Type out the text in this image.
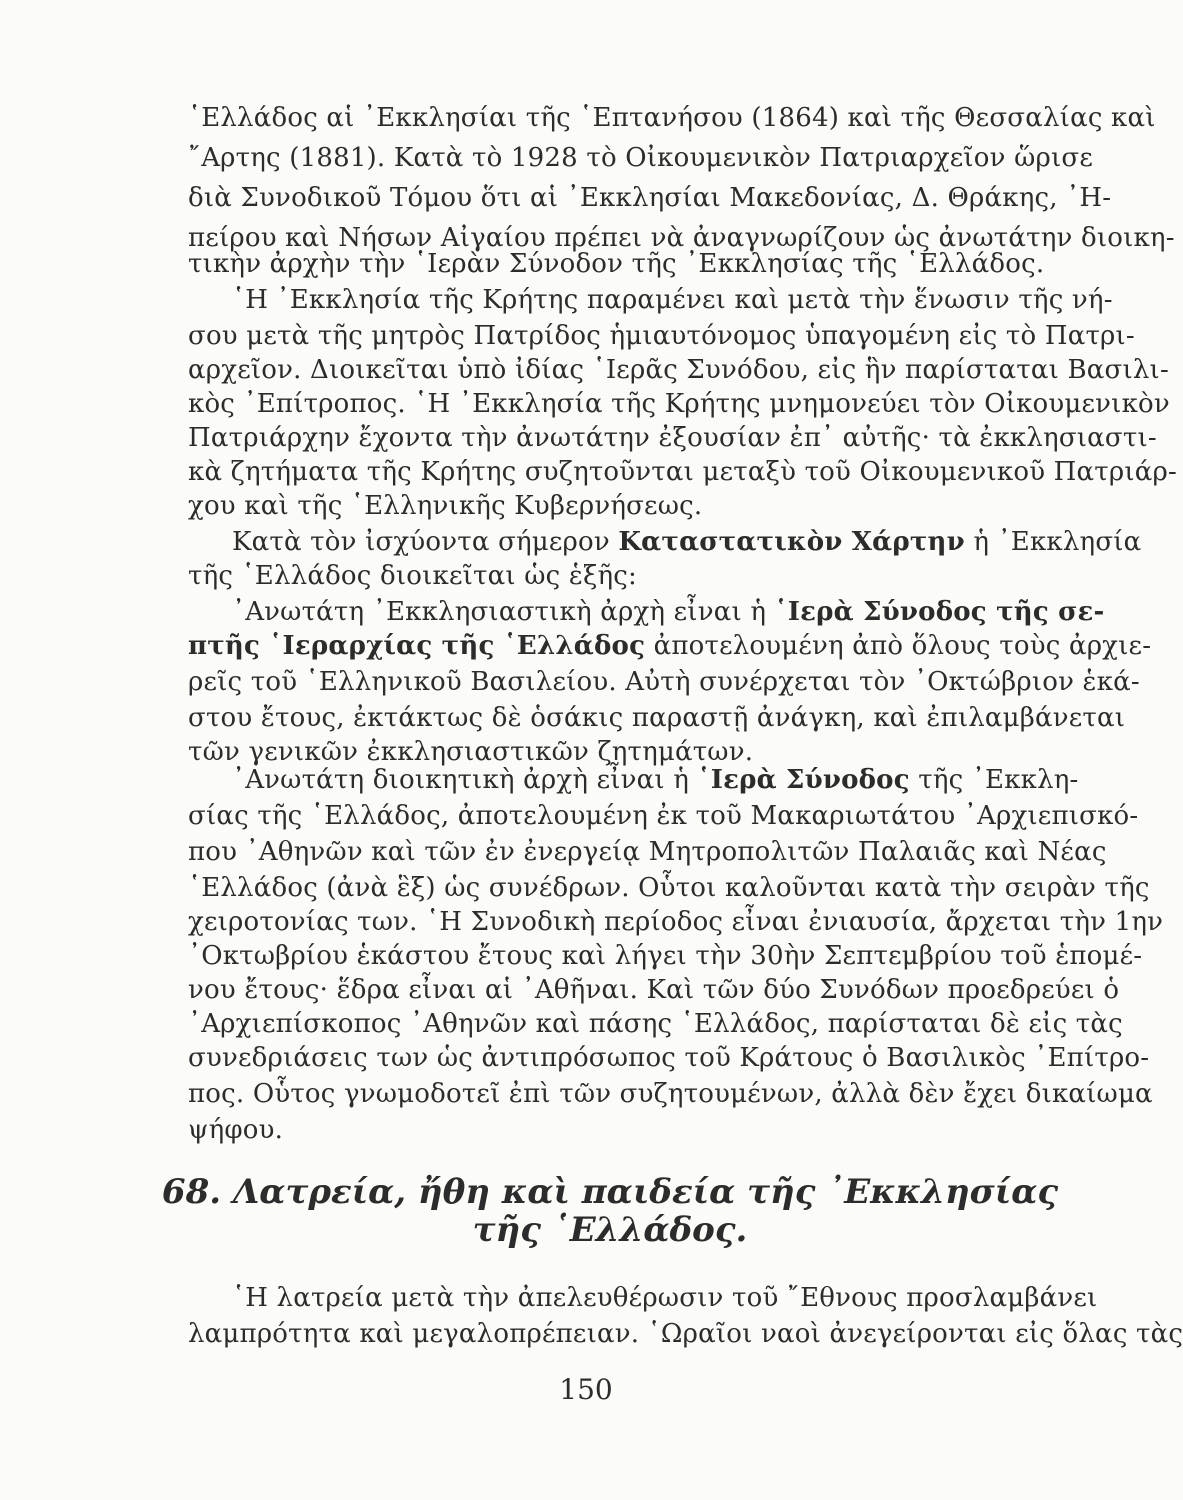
῾Ελλάδος αἱ ᾿Εκκλησίαι τῆς ῾Επτανήσου (1864) καὶ τῆς Θεσσαλίας καὶ

῎Αρτης (1881). Κατὰ τὸ 1928 τὸ Οἰκουμενικὸν Πατριαρχεῖον ὥρισε

διὰ Συνοδικοῦ Τόμου ὅτι αἱ ᾿Εκκλησίαι Μακεδονίας, Δ. Θράκης, ᾿Η-

πείρου καὶ Νήσων Αἰγαίου πρέπει νὰ ἀναγνωρίζουν ὡς ἀνωτάτην διοικη-

τικὴν ἀρχὴν τὴν ῾Ιερὰν Σύνοδον τῆς ᾿Εκκλησίας τῆς ῾Ελλάδος.

῾Η ᾿Εκκλησία τῆς Κρήτης παραμένει καὶ μετὰ τὴν ἕνωσιν τῆς νή-

σου μετὰ τῆς μητρὸς Πατρίδος ἡμιαυτόνομος ὑπαγομένη εἰς τὸ Πατρι-

αρχεῖον. Διοικεῖται ὑπὸ ἰδίας ῾Ιερᾶς Συνόδου, εἰς ἣν παρίσταται Βασιλι-

κὸς ᾿Επίτροπος. ῾Η ᾿Εκκλησία τῆς Κρήτης μνημονεύει τὸν Οἰκουμενικὸν

Πατριάρχην ἔχοντα τὴν ἀνωτάτην ἐξουσίαν ἐπ᾿ αὐτῆς· τὰ ἐκκλησιαστι-

κὰ ζητήματα τῆς Κρήτης συζητοῦνται μεταξὺ τοῦ Οἰκουμενικοῦ Πατριάρ-

χου καὶ τῆς ῾Ελληνικῆς Κυβερνήσεως.

Κατὰ τὸν ἰσχύοντα σήμερον Καταστατικὸν Χάρτην ἡ ᾿Εκκλησία

τῆς ῾Ελλάδος διοικεῖται ὡς ἑξῆς:

᾿Ανωτάτη ᾿Εκκλησιαστικὴ ἀρχὴ εἶναι ἡ ῾Ιερὰ Σύνοδος τῆς σε-

πτῆς ῾Ιεραρχίας τῆς ῾Ελλάδος ἀποτελουμένη ἀπὸ ὅλους τοὺς ἀρχιε-

ρεῖς τοῦ ῾Ελληνικοῦ Βασιλείου. Αὐτὴ συνέρχεται τὸν ᾿Οκτώβριον ἑκά-

στου ἔτους, ἐκτάκτως δὲ ὁσάκις παραστῇ ἀνάγκη, καὶ ἐπιλαμβάνεται

τῶν γενικῶν ἐκκλησιαστικῶν ζητημάτων.

᾿Ανωτάτη διοικητικὴ ἀρχὴ εἶναι ἡ ῾Ιερὰ Σύνοδος τῆς ᾿Εκκλη-

σίας τῆς ῾Ελλάδος, ἀποτελουμένη ἐκ τοῦ Μακαριωτάτου ᾿Αρχιεπισκό-

που ᾿Αθηνῶν καὶ τῶν ἐν ἐνεργείᾳ Μητροπολιτῶν Παλαιᾶς καὶ Νέας

῾Ελλάδος (ἀνὰ ἓξ) ὡς συνέδρων. Οὗτοι καλοῦνται κατὰ τὴν σειρὰν τῆς

χειροτονίας των. ῾Η Συνοδικὴ περίοδος εἶναι ἐνιαυσία, ἄρχεται τὴν 1ην

᾿Οκτωβρίου ἑκάστου ἔτους καὶ λήγει τὴν 30ὴν Σεπτεμβρίου τοῦ ἑπομέ-

νου ἔτους· ἕδρα εἶναι αἱ ᾿Αθῆναι. Καὶ τῶν δύο Συνόδων προεδρεύει ὁ

᾿Αρχιεπίσκοπος ᾿Αθηνῶν καὶ πάσης ῾Ελλάδος, παρίσταται δὲ εἰς τὰς

συνεδριάσεις των ὡς ἀντιπρόσωπος τοῦ Κράτους ὁ Βασιλικὸς ᾿Επίτρο-

πος. Οὗτος γνωμοδοτεῖ ἐπὶ τῶν συζητουμένων, ἀλλὰ δὲν ἔχει δικαίωμα

ψήφου.

68. Λατρεία, ἤθη καὶ παιδεία τῆς ᾿Εκκλησίας
τῆς ῾Ελλάδος.

῾Η λατρεία μετὰ τὴν ἀπελευθέρωσιν τοῦ ῎Εθνους προσλαμβάνει

λαμπρότητα καὶ μεγαλοπρέπειαν. ῾Ωραῖοι ναοὶ ἀνεγείρονται εἰς ὅλας τὰς

150
